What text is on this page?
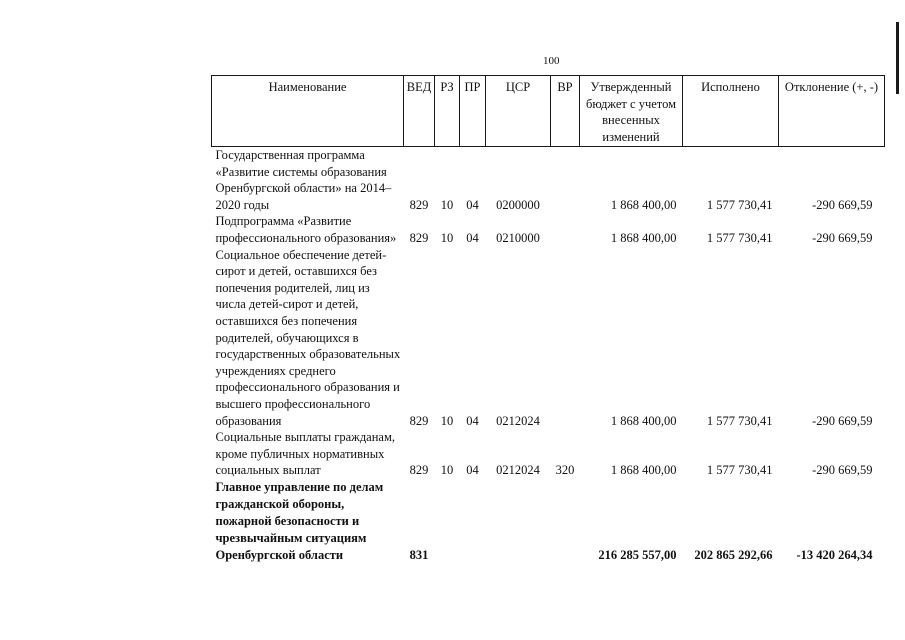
100
Наименование	ВЕД	РЗ	ПР	ЦСР	ВР	Утвержденный бюджет с учетом внесенных изменений	Исполнено	Отклонение (+, -)
Государственная программа «Развитие системы образования Оренбургской области» на 2014–2020 годы	829	10	04	0200000		1 868 400,00	1 577 730,41	-290 669,59
Подпрограмма «Развитие профессионального образования»	829	10	04	0210000		1 868 400,00	1 577 730,41	-290 669,59
Социальное обеспечение детей-сирот и детей, оставшихся без попечения родителей, лиц из числа детей-сирот и детей, оставшихся без попечения родителей, обучающихся в государственных образовательных учреждениях среднего профессионального образования и высшего профессионального образования	829	10	04	0212024		1 868 400,00	1 577 730,41	-290 669,59
Социальные выплаты гражданам, кроме публичных нормативных социальных выплат	829	10	04	0212024	320	1 868 400,00	1 577 730,41	-290 669,59
Главное управление по делам гражданской обороны, пожарной безопасности и чрезвычайным ситуациям Оренбургской области	831					216 285 557,00	202 865 292,66	-13 420 264,34
